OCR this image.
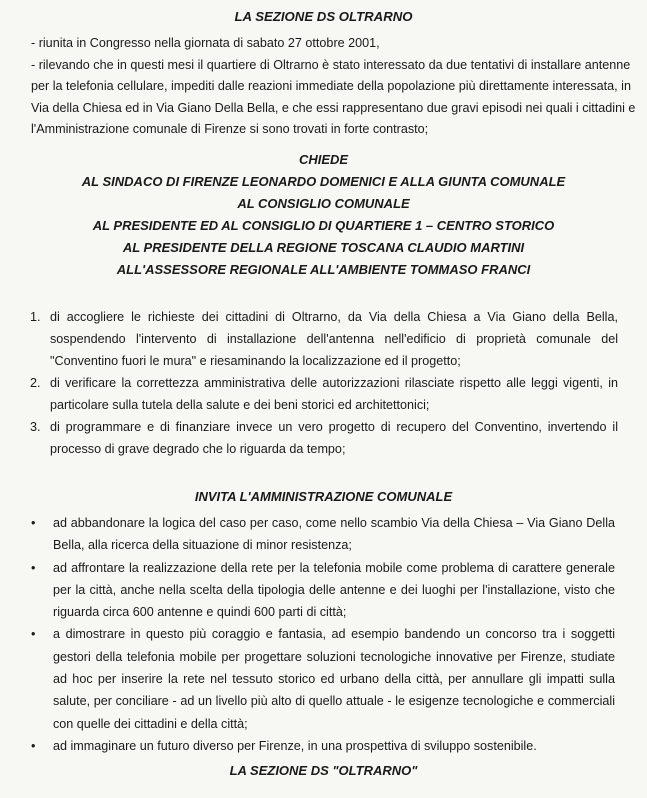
LA SEZIONE DS OLTRARNO

- riunita in Congresso nella giornata di sabato 27 ottobre 2001,

- rilevando che in questi mesi il quartiere di Oltrarno è stato interessato da due tentativi di installare antenne per la telefonia cellulare, impediti dalle reazioni immediate della popolazione più direttamente interessata, in Via della Chiesa ed in Via Giano Della Bella, e che essi rappresentano due gravi episodi nei quali i cittadini e l'Amministrazione comunale di Firenze si sono trovati in forte contrasto;

CHIEDE

AL SINDACO DI FIRENZE LEONARDO DOMENICI E ALLA GIUNTA COMUNALE

AL CONSIGLIO COMUNALE

AL PRESIDENTE ED AL CONSIGLIO DI QUARTIERE 1 – CENTRO STORICO

AL PRESIDENTE DELLA REGIONE TOSCANA CLAUDIO MARTINI

ALL'ASSESSORE REGIONALE ALL'AMBIENTE TOMMASO FRANCI

1. di accogliere le richieste dei cittadini di Oltrarno, da Via della Chiesa a Via Giano della Bella, sospendendo l'intervento di installazione dell'antenna nell'edificio di proprietà comunale del "Conventino fuori le mura" e riesaminando la localizzazione ed il progetto;
2. di verificare la correttezza amministrativa delle autorizzazioni rilasciate rispetto alle leggi vigenti, in particolare sulla tutela della salute e dei beni storici ed architettonici;
3. di programmare e di finanziare invece un vero progetto di recupero del Conventino, invertendo il processo di grave degrado che lo riguarda da tempo;

INVITA L'AMMINISTRAZIONE COMUNALE

• ad abbandonare la logica del caso per caso, come nello scambio Via della Chiesa – Via Giano Della Bella, alla ricerca della situazione di minor resistenza;
• ad affrontare la realizzazione della rete per la telefonia mobile come problema di carattere generale per la città, anche nella scelta della tipologia delle antenne e dei luoghi per l'installazione, visto che riguarda circa 600 antenne e quindi 600 parti di città;
• a dimostrare in questo più coraggio e fantasia, ad esempio bandendo un concorso tra i soggetti gestori della telefonia mobile per progettare soluzioni tecnologiche innovative per Firenze, studiate ad hoc per inserire la rete nel tessuto storico ed urbano della città, per annullare gli impatti sulla salute, per conciliare - ad un livello più alto di quello attuale - le esigenze tecnologiche e commerciali con quelle dei cittadini e della città;
• ad immaginare un futuro diverso per Firenze, in una prospettiva di sviluppo sostenibile.

LA SEZIONE DS "OLTRARNO"
